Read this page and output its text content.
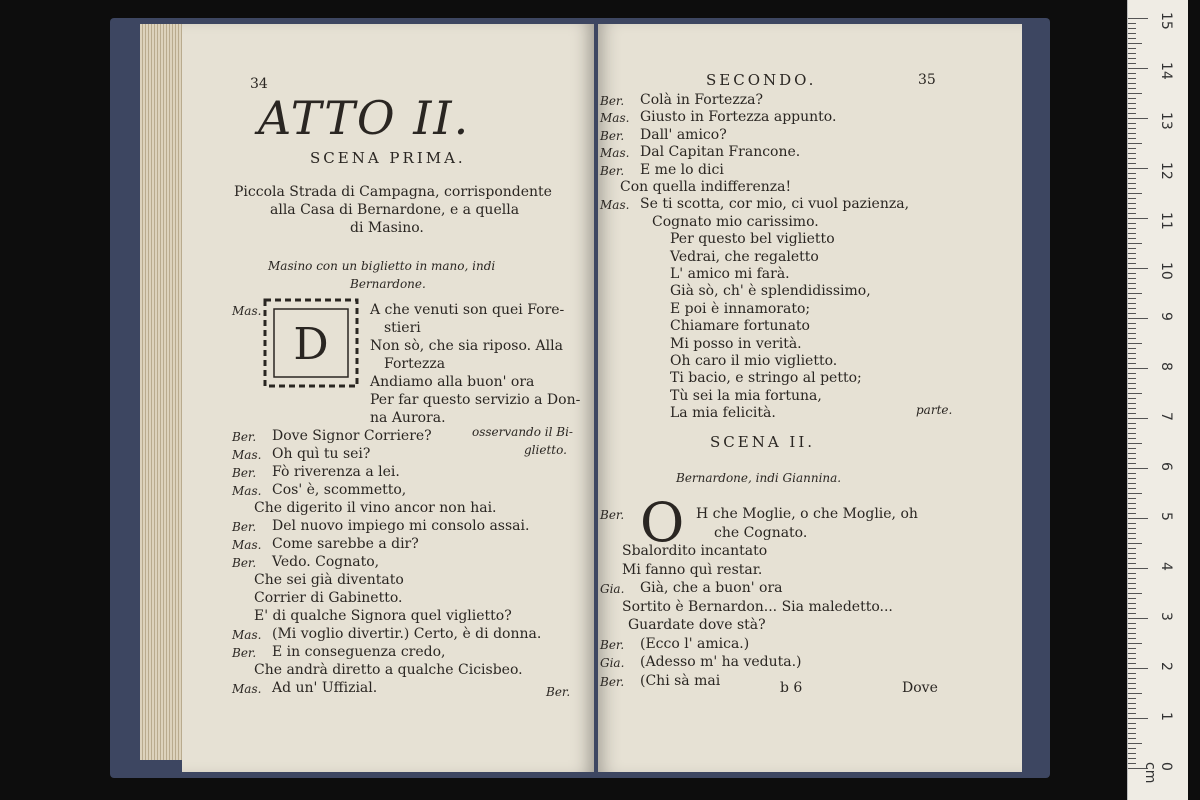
34
ATTO II.
SCENA PRIMA.
Piccola Strada di Campagna, corrispondente
alla Casa di Bernardone, e a quella
di Masino.
Masino con un biglietto in mano, indi
Bernardone.
D
Mas.	A che venuti son quei Fore-
stieri
Non sò, che sia riposo. Alla
Fortezza
Andiamo alla buon' ora
Per far questo servizio a Don-
na Aurora.
Ber. Dove Signor Corriere?
Mas. Oh quì tu sei?
Ber. Fò riverenza a lei.
Mas. Cos' è, scommetto,
Che digerito il vino ancor non hai.
Ber. Del nuovo impiego mi consolo assai.
Mas. Come sarebbe a dir?
Ber. Vedo. Cognato,
Che sei già diventato
Corrier di Gabinetto.
E' di qualche Signora quel viglietto?
Mas. (Mi voglio divertir.) Certo, è di donna.
Ber. E in conseguenza credo,
Che andrà diretto a qualche Cicisbeo.
Mas. Ad un' Uffizial.
osservando il Bi-
glietto.
Ber.
SECONDO.	35
Ber. Colà in Fortezza?
Mas. Giusto in Fortezza appunto.
Ber. Dall' amico?
Mas. Dal Capitan Francone.
Ber. E me lo dici
Con quella indifferenza!
Mas. Se ti scotta, cor mio, ci vuol pazienza,
Cognato mio carissimo.
Per questo bel viglietto
Vedrai, che regaletto
L' amico mi farà.
Già sò, ch' è splendidissimo,
E poi è innamorato;
Chiamare fortunato
Mi posso in verità.
Oh caro il mio viglietto.
Ti bacio, e stringo al petto;
Tù sei la mia fortuna,
La mia felicità.	parte.
SCENA II.
Bernardone, indi Giannina.
O
Ber.	H che Moglie, o che Moglie, oh
che Cognato.
Sbalordito incantato
Mi fanno quì restar.
Gia. Già, che a buon' ora
Sortito è Bernardon... Sia maledetto...
Guardate dove stà?
Ber. (Ecco l' amica.)
Gia. (Adesso m' ha veduta.)
Ber. (Chi sà mai	b 6	Dove
15
14
13
12
11
10
9
8
7
6
5
4
3
2
1
0 cm
